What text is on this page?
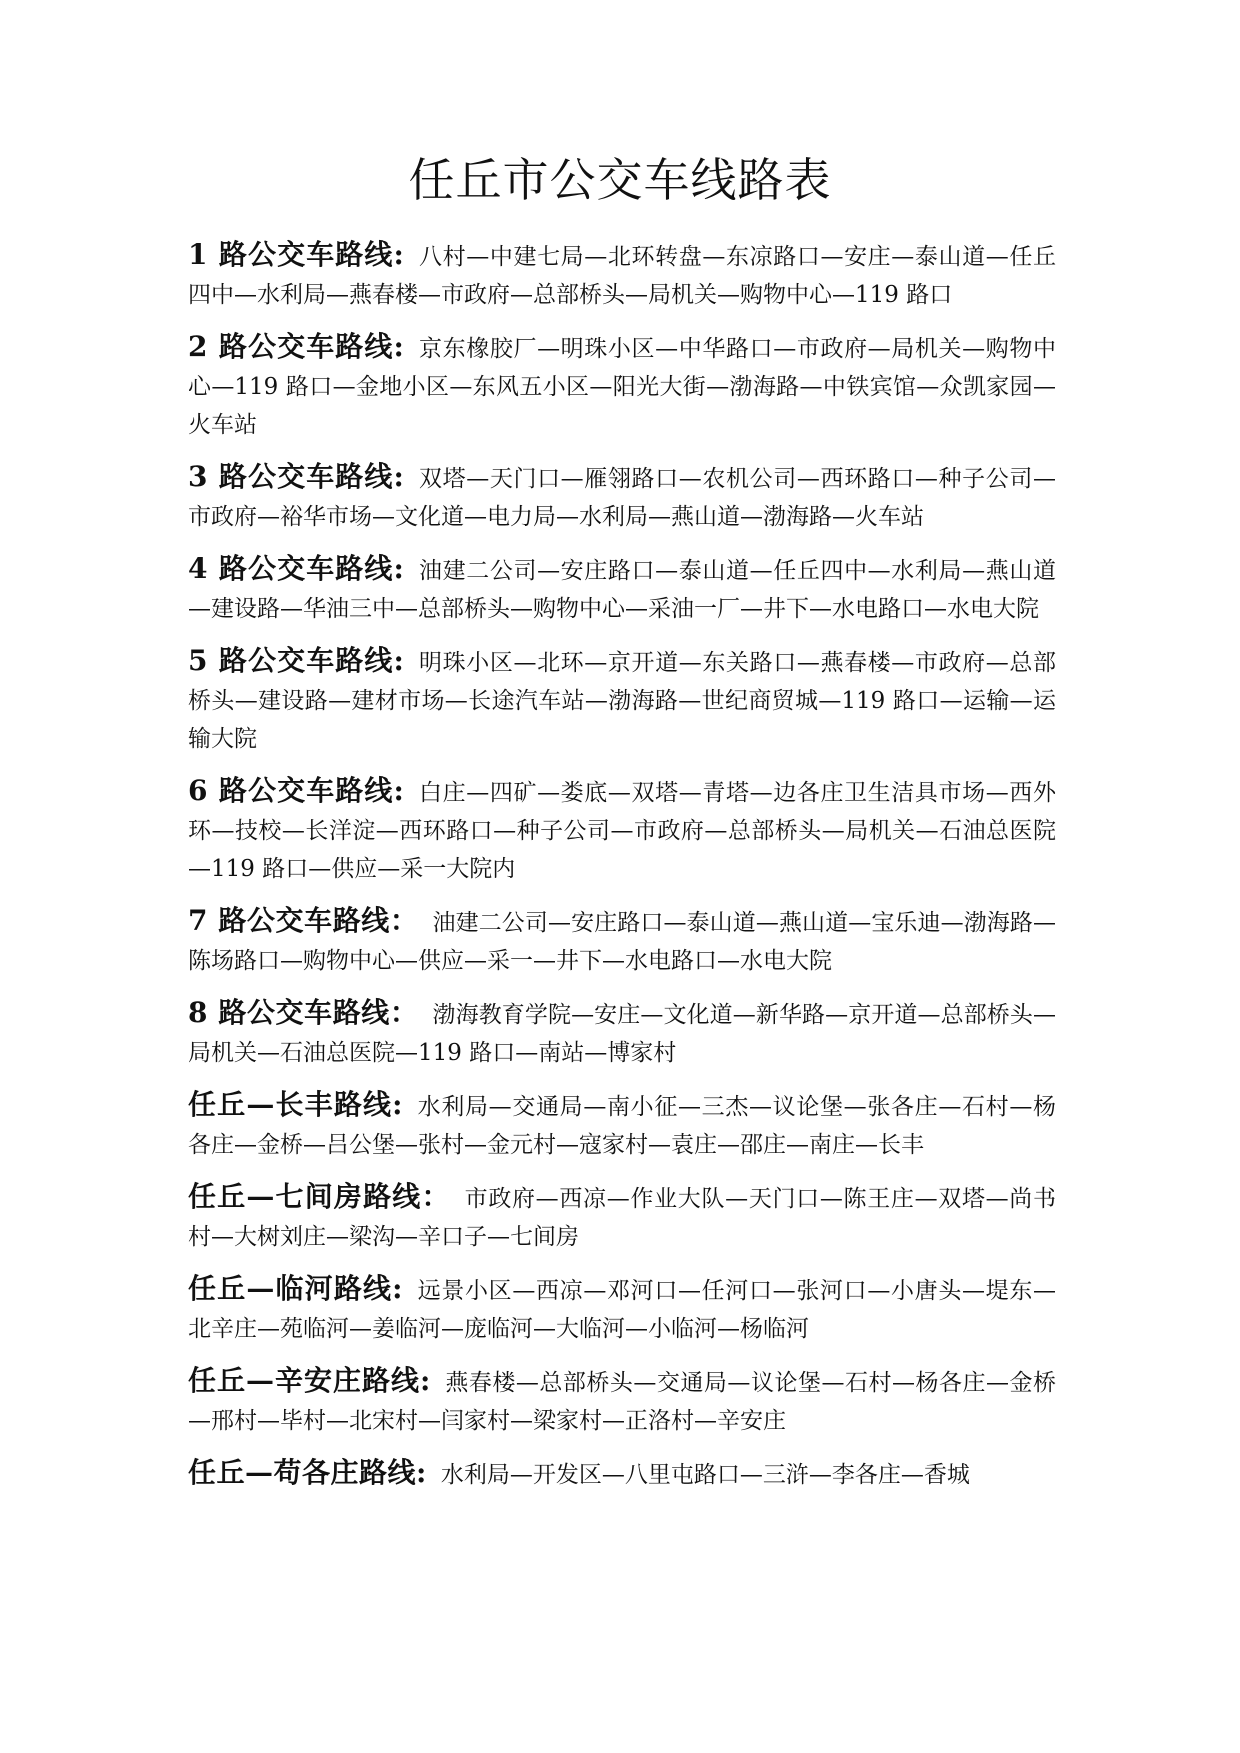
任丘市公交车线路表

1 路公交车路线: 八村—中建七局—北环转盘—东凉路口—安庄—泰山道—任丘四中—水利局—燕春楼—市政府—总部桥头—局机关—购物中心—119 路口

2 路公交车路线: 京东橡胶厂—明珠小区—中华路口—市政府—局机关—购物中心—119 路口—金地小区—东风五小区—阳光大街—渤海路—中铁宾馆—众凯家园—火车站

3 路公交车路线: 双塔—天门口—雁翎路口—农机公司—西环路口—种子公司—市政府—裕华市场—文化道—电力局—水利局—燕山道—渤海路—火车站

4 路公交车路线: 油建二公司—安庄路口—泰山道—任丘四中—水利局—燕山道—建设路—华油三中—总部桥头—购物中心—采油一厂—井下—水电路口—水电大院

5 路公交车路线: 明珠小区—北环—京开道—东关路口—燕春楼—市政府—总部桥头—建设路—建材市场—长途汽车站—渤海路—世纪商贸城—119 路口—运输—运输大院

6 路公交车路线: 白庄—四矿—娄底—双塔—青塔—边各庄卫生洁具市场—西外环—技校—长洋淀—西环路口—种子公司—市政府—总部桥头—局机关—石油总医院—119 路口—供应—采一大院内

7 路公交车路线： 油建二公司—安庄路口—泰山道—燕山道—宝乐迪—渤海路—陈场路口—购物中心—供应—采一—井下—水电路口—水电大院

8 路公交车路线： 渤海教育学院—安庄—文化道—新华路—京开道—总部桥头—局机关—石油总医院—119 路口—南站—博家村

任丘—长丰路线: 水利局—交通局—南小征—三杰—议论堡—张各庄—石村—杨各庄—金桥—吕公堡—张村—金元村—寇家村—袁庄—邵庄—南庄—长丰

任丘—七间房路线： 市政府—西凉—作业大队—天门口—陈王庄—双塔—尚书村—大树刘庄—梁沟—辛口子—七间房

任丘—临河路线: 远景小区—西凉—邓河口—任河口—张河口—小唐头—堤东—北辛庄—苑临河—姜临河—庞临河—大临河—小临河—杨临河

任丘—辛安庄路线: 燕春楼—总部桥头—交通局—议论堡—石村—杨各庄—金桥—邢村—毕村—北宋村—闫家村—梁家村—正洛村—辛安庄

任丘—苟各庄路线: 水利局—开发区—八里屯路口—三浒—李各庄—香城
